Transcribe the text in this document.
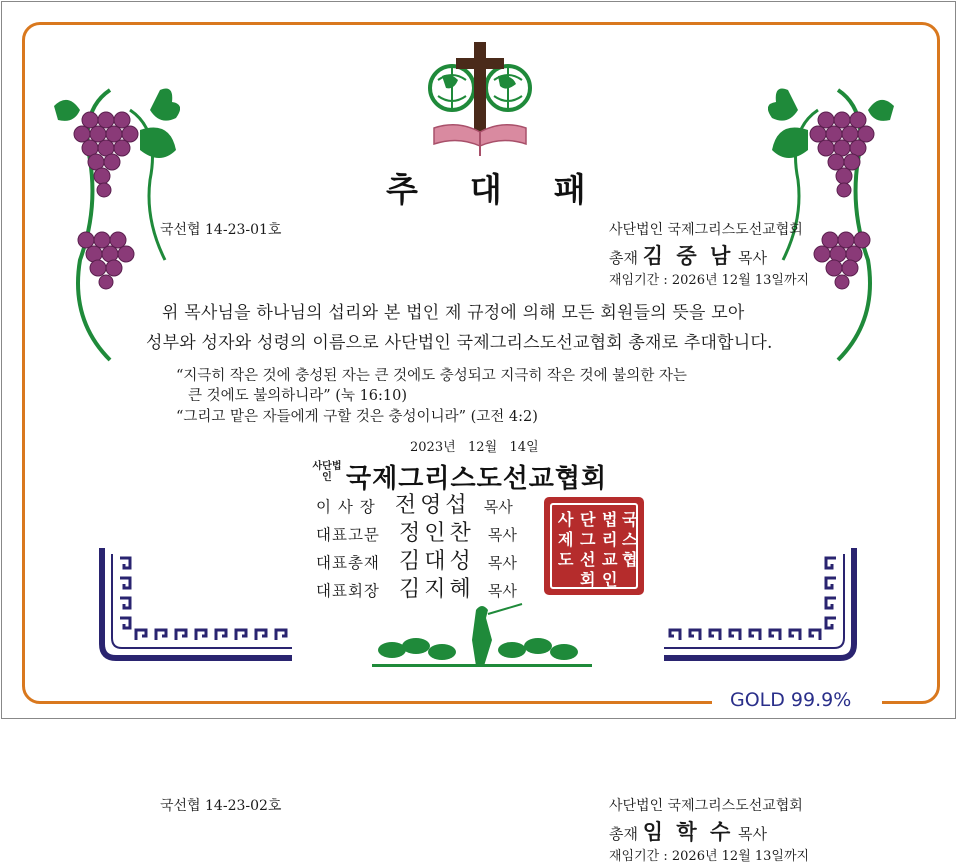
GOLD 99.9%
추대패
국선협 14-23-01호	사단법인 국제그리스도선교협회
총재 김 중 남 목사
재임기간 : 2026년 12월 13일까지
위 목사님을 하나님의 섭리와 본 법인 제 규정에 의해 모든 회원들의 뜻을 모아
성부와 성자와 성령의 이름으로 사단법인 국제그리스도선교협회 총재로 추대합니다.
“지극히 작은 것에 충성된 자는 큰 것에도 충성되고 지극히 작은 것에 불의한 자는
큰 것에도 불의하니라” (눅 16:10)
“그리고 맡은 자들에게 구할 것은 충성이니라” (고전 4:2)
2023년   12월   14일
사단법인 국제그리스도선교협회
이 사 장 전영섭 목사
대표고문 정인찬 목사
대표총재 김대성 목사
대표회장 김지혜 목사
사 단 법 국
제 그 리 스
도 선 교 협
회 인
국선협 14-23-02호	사단법인 국제그리스도선교협회
총재 임 학 수 목사
재임기간 : 2026년 12월 13일까지
